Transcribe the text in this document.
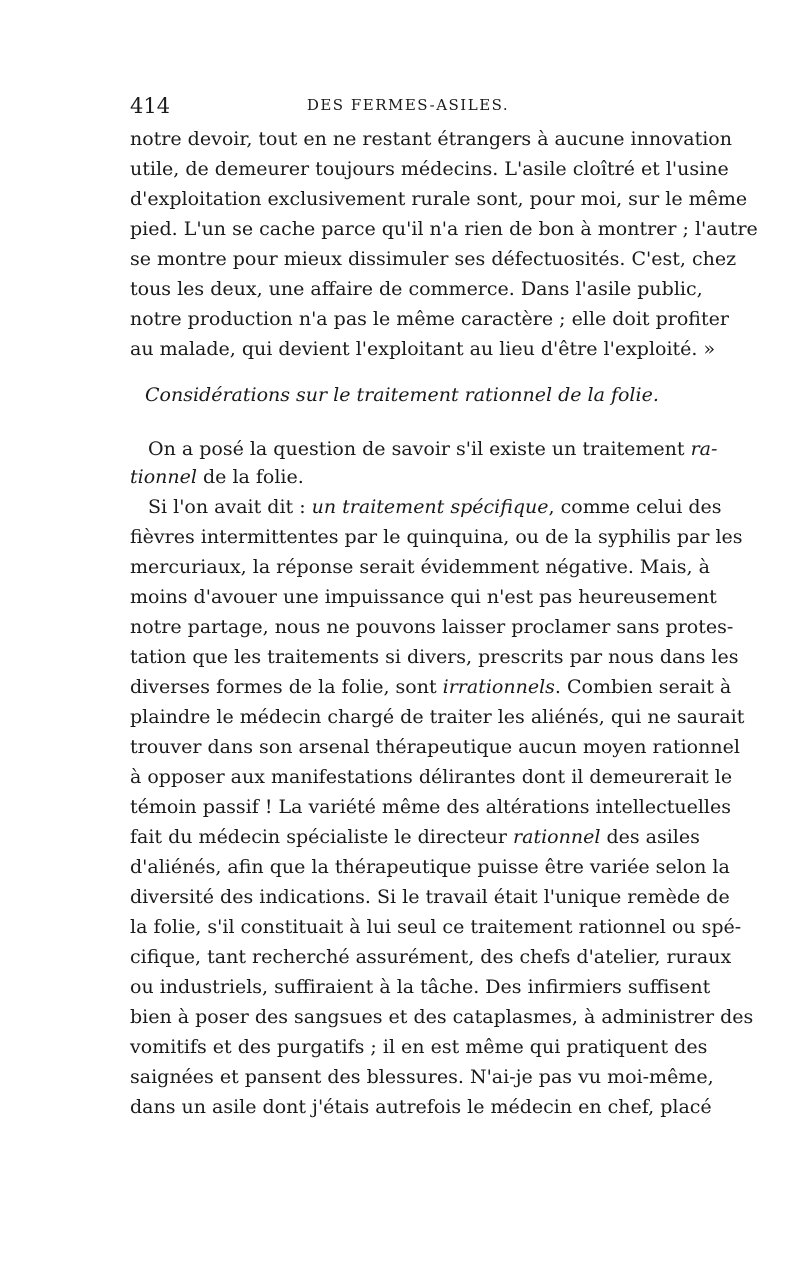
414	DES FERMES-ASILES.
notre devoir, tout en ne restant étrangers à aucune innovation
utile, de demeurer toujours médecins. L'asile cloîtré et l'usine
d'exploitation exclusivement rurale sont, pour moi, sur le même
pied. L'un se cache parce qu'il n'a rien de bon à montrer ; l'autre
se montre pour mieux dissimuler ses défectuosités. C'est, chez
tous les deux, une affaire de commerce. Dans l'asile public,
notre production n'a pas le même caractère ; elle doit profiter
au malade, qui devient l'exploitant au lieu d'être l'exploité. »
Considérations sur le traitement rationnel de la folie.
On a posé la question de savoir s'il existe un traitement ra-
tionnel de la folie.
Si l'on avait dit : un traitement spécifique, comme celui des
fièvres intermittentes par le quinquina, ou de la syphilis par les
mercuriaux, la réponse serait évidemment négative. Mais, à
moins d'avouer une impuissance qui n'est pas heureusement
notre partage, nous ne pouvons laisser proclamer sans protes-
tation que les traitements si divers, prescrits par nous dans les
diverses formes de la folie, sont irrationnels. Combien serait à
plaindre le médecin chargé de traiter les aliénés, qui ne saurait
trouver dans son arsenal thérapeutique aucun moyen rationnel
à opposer aux manifestations délirantes dont il demeurerait le
témoin passif ! La variété même des altérations intellectuelles
fait du médecin spécialiste le directeur rationnel des asiles
d'aliénés, afin que la thérapeutique puisse être variée selon la
diversité des indications. Si le travail était l'unique remède de
la folie, s'il constituait à lui seul ce traitement rationnel ou spé-
cifique, tant recherché assurément, des chefs d'atelier, ruraux
ou industriels, suffiraient à la tâche. Des infirmiers suffisent
bien à poser des sangsues et des cataplasmes, à administrer des
vomitifs et des purgatifs ; il en est même qui pratiquent des
saignées et pansent des blessures. N'ai-je pas vu moi-même,
dans un asile dont j'étais autrefois le médecin en chef, placé
